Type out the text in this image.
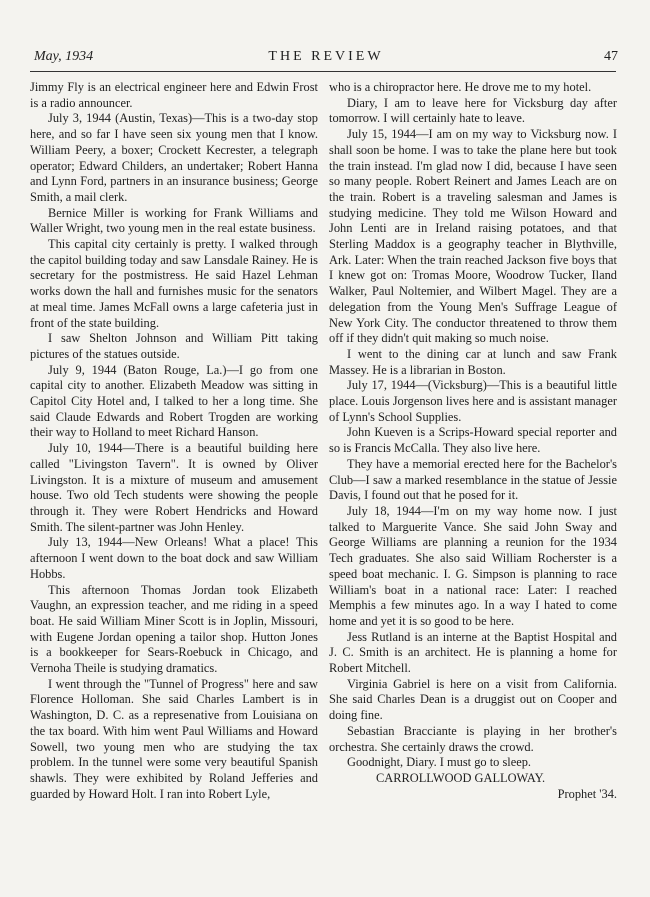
May, 1934	THE REVIEW	47

Jimmy Fly is an electrical engineer here and Edwin Frost is a radio announcer.

July 3, 1944 (Austin, Texas)—This is a two-day stop here, and so far I have seen six young men that I know. William Peery, a boxer; Crockett Kecrester, a telegraph operator; Edward Childers, an undertaker; Robert Hanna and Lynn Ford, partners in an insurance business; George Smith, a mail clerk.

Bernice Miller is working for Frank Williams and Waller Wright, two young men in the real estate business.

This capital city certainly is pretty. I walked through the capitol building today and saw Lansdale Rainey. He is secretary for the postmistress. He said Hazel Lehman works down the hall and furnishes music for the senators at meal time. James McFall owns a large cafeteria just in front of the state building.

I saw Shelton Johnson and William Pitt taking pictures of the statues outside.

July 9, 1944 (Baton Rouge, La.)—I go from one capital city to another. Elizabeth Meadow was sitting in Capitol City Hotel and, I talked to her a long time. She said Claude Edwards and Robert Trogden are working their way to Holland to meet Richard Hanson.

July 10, 1944—There is a beautiful building here called "Livingston Tavern". It is owned by Oliver Livingston. It is a mixture of museum and amusement house. Two old Tech students were showing the people through it. They were Robert Hendricks and Howard Smith. The silent-partner was John Henley.

July 13, 1944—New Orleans! What a place! This afternoon I went down to the boat dock and saw William Hobbs.

This afternoon Thomas Jordan took Elizabeth Vaughn, an expression teacher, and me riding in a speed boat. He said William Miner Scott is in Joplin, Missouri, with Eugene Jordan opening a tailor shop. Hutton Jones is a bookkeeper for Sears-Roebuck in Chicago, and Vernoha Theile is studying dramatics.

I went through the "Tunnel of Progress" here and saw Florence Holloman. She said Charles Lambert is in Washington, D. C. as a represenative from Louisiana on the tax board. With him went Paul Williams and Howard Sowell, two young men who are studying the tax problem. In the tunnel were some very beautiful Spanish shawls. They were exhibited by Roland Jefferies and guarded by Howard Holt. I ran into Robert Lyle,

who is a chiropractor here. He drove me to my hotel.

Diary, I am to leave here for Vicksburg day after tomorrow. I will certainly hate to leave.

July 15, 1944—I am on my way to Vicksburg now. I shall soon be home. I was to take the plane here but took the train instead. I'm glad now I did, because I have seen so many people. Robert Reinert and James Leach are on the train. Robert is a traveling salesman and James is studying medicine. They told me Wilson Howard and John Lenti are in Ireland raising potatoes, and that Sterling Maddox is a geography teacher in Blythville, Ark. Later: When the train reached Jackson five boys that I knew got on: Tromas Moore, Woodrow Tucker, Iland Walker, Paul Noltemier, and Wilbert Magel. They are a delegation from the Young Men's Suffrage League of New York City. The conductor threatened to throw them off if they didn't quit making so much noise.

I went to the dining car at lunch and saw Frank Massey. He is a librarian in Boston.

July 17, 1944—(Vicksburg)—This is a beautiful little place. Louis Jorgenson lives here and is assistant manager of Lynn's School Supplies.

John Kueven is a Scrips-Howard special reporter and so is Francis McCalla. They also live here.

They have a memorial erected here for the Bachelor's Club—I saw a marked resemblance in the statue of Jessie Davis, I found out that he posed for it.

July 18, 1944—I'm on my way home now. I just talked to Marguerite Vance. She said John Sway and George Williams are planning a reunion for the 1934 Tech graduates. She also said William Rocherster is a speed boat mechanic. I. G. Simpson is planning to race William's boat in a national race: Later: I reached Memphis a few minutes ago. In a way I hated to come home and yet it is so good to be here.

Jess Rutland is an interne at the Baptist Hospital and J. C. Smith is an architect. He is planning a home for Robert Mitchell.

Virginia Gabriel is here on a visit from California. She said Charles Dean is a druggist out on Cooper and doing fine.

Sebastian Bracciante is playing in her brother's orchestra. She certainly draws the crowd.

Goodnight, Diary. I must go to sleep.

CARROLLWOOD GALLOWAY.

Prophet '34.
